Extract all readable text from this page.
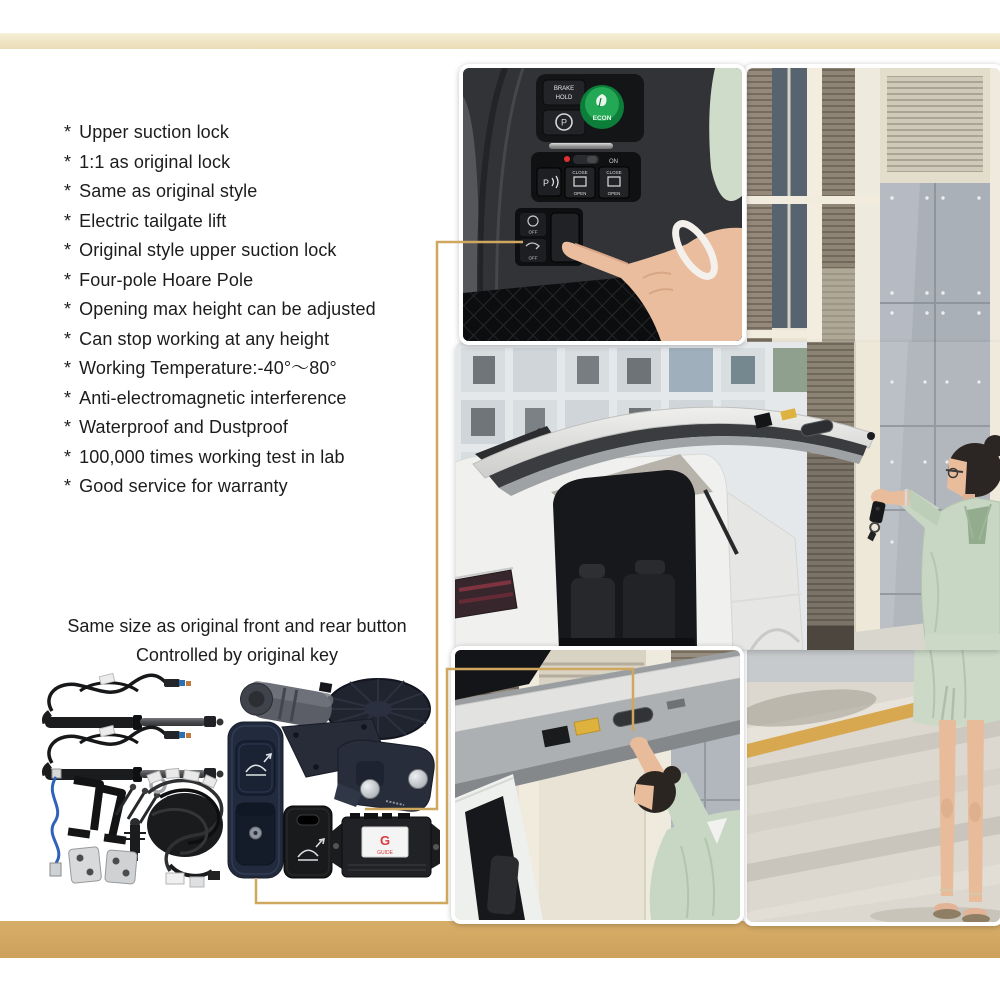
* Upper suction lock
* 1:1 as original lock
* Same as original style
* Electric tailgate lift
* Original style upper suction lock
* Four-pole Hoare Pole
* Opening max height can be adjusted
* Can stop working at any height
* Working Temperature:-40°～80°
* Anti-electromagnetic interference
* Waterproof and Dustproof
* 100,000 times working test in lab
* Good service for warranty
Same size as original front and rear button
Controlled by original key
BRAKE
HOLD
P	ECON
ON
P
CLOSE
OPEN
CLOSE
OPEN
OFF
OFF
G
GUIDE
